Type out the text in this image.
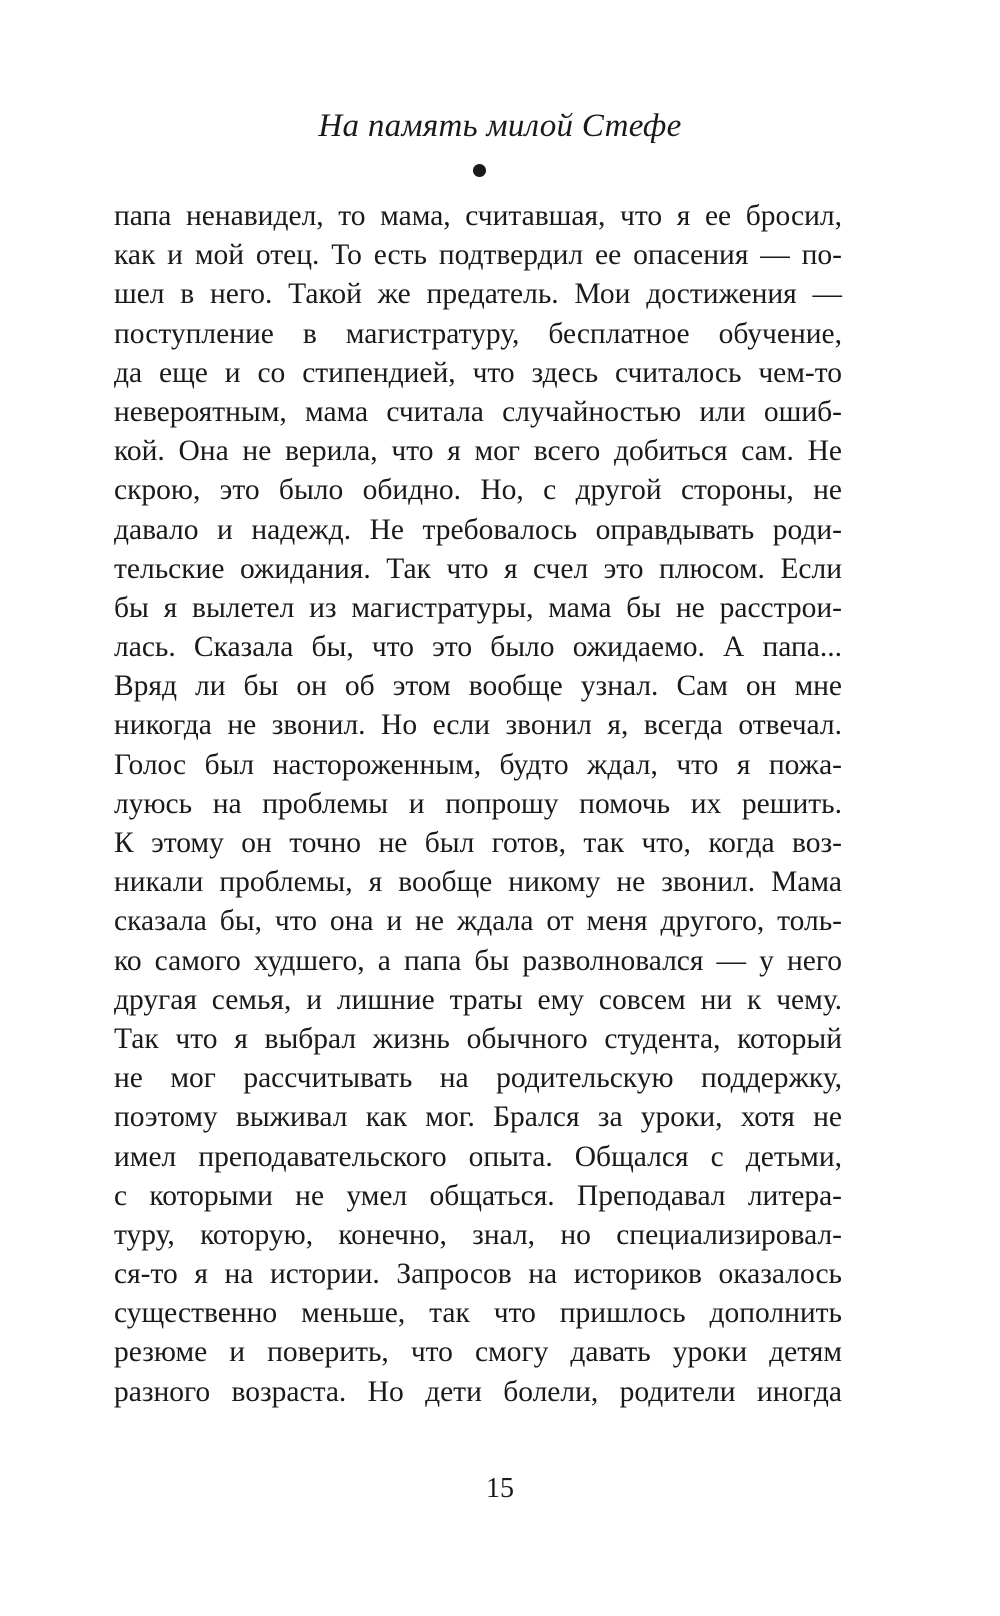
На память милой Стефе
папа ненавидел, то мама, считавшая, что я ее бросил,
как и мой отец. То есть подтвердил ее опасения — по-
шел в него. Такой же предатель. Мои достижения —
поступление в магистратуру, бесплатное обучение,
да еще и со стипендией, что здесь считалось чем-то
невероятным, мама считала случайностью или ошиб-
кой. Она не верила, что я мог всего добиться сам. Не
скрою, это было обидно. Но, с другой стороны, не
давало и надежд. Не требовалось оправдывать роди-
тельские ожидания. Так что я счел это плюсом. Если
бы я вылетел из магистратуры, мама бы не расстрои-
лась. Сказала бы, что это было ожидаемо. А папа...
Вряд ли бы он об этом вообще узнал. Сам он мне
никогда не звонил. Но если звонил я, всегда отвечал.
Голос был настороженным, будто ждал, что я пожа-
луюсь на проблемы и попрошу помочь их решить.
К этому он точно не был готов, так что, когда воз-
никали проблемы, я вообще никому не звонил. Мама
сказала бы, что она и не ждала от меня другого, толь-
ко самого худшего, а папа бы разволновался — у него
другая семья, и лишние траты ему совсем ни к чему.
Так что я выбрал жизнь обычного студента, который
не мог рассчитывать на родительскую поддержку,
поэтому выживал как мог. Брался за уроки, хотя не
имел преподавательского опыта. Общался с детьми,
с которыми не умел общаться. Преподавал литера-
туру, которую, конечно, знал, но специализировал-
ся-то я на истории. Запросов на историков оказалось
существенно меньше, так что пришлось дополнить
резюме и поверить, что смогу давать уроки детям
разного возраста. Но дети болели, родители иногда
15
